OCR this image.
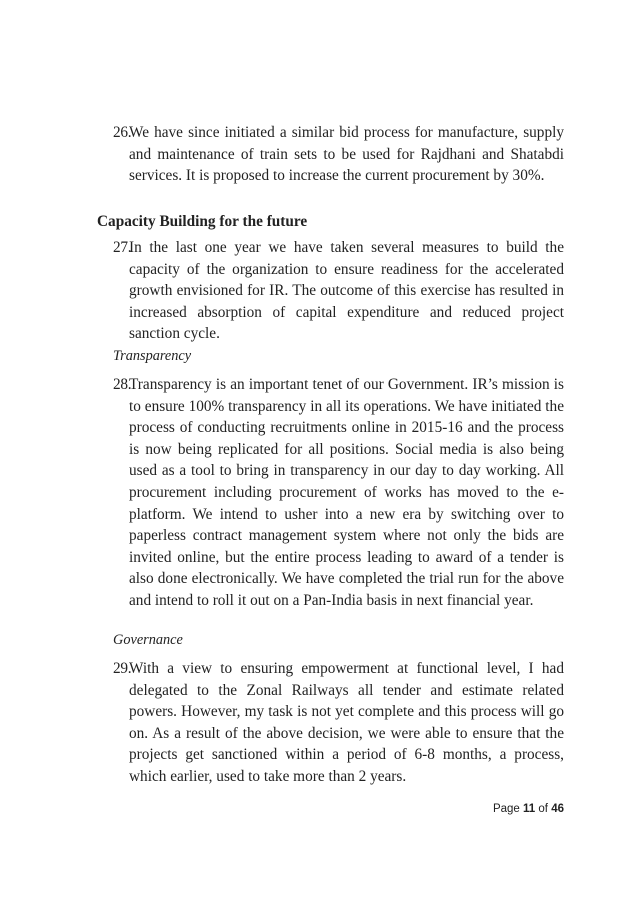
26.
We have since initiated a similar bid process for manufacture, supply and maintenance of train sets to be used for Rajdhani and Shatabdi services. It is proposed to increase the current procurement by 30%.
Capacity Building for the future
27.
In the last one year we have taken several measures to build the capacity of the organization to ensure readiness for the accelerated growth envisioned for IR. The outcome of this exercise has resulted in increased absorption of capital expenditure and reduced project sanction cycle.
Transparency
28.
Transparency is an important tenet of our Government. IR’s mission is to ensure 100% transparency in all its operations. We have initiated the process of conducting recruitments online in 2015-16 and the process is now being replicated for all positions. Social media is also being used as a tool to bring in transparency in our day to day working. All procurement including procurement of works has moved to the e-platform. We intend to usher into a new era by switching over to paperless contract management system where not only the bids are invited online, but the entire process leading to award of a tender is also done electronically. We have completed the trial run for the above and intend to roll it out on a Pan-India basis in next financial year.
Governance
29.
With a view to ensuring empowerment at functional level, I had delegated to the Zonal Railways all tender and estimate related powers. However, my task is not yet complete and this process will go on. As a result of the above decision, we were able to ensure that the projects get sanctioned within a period of 6-8 months, a process, which earlier, used to take more than 2 years.
Page 11 of 46
